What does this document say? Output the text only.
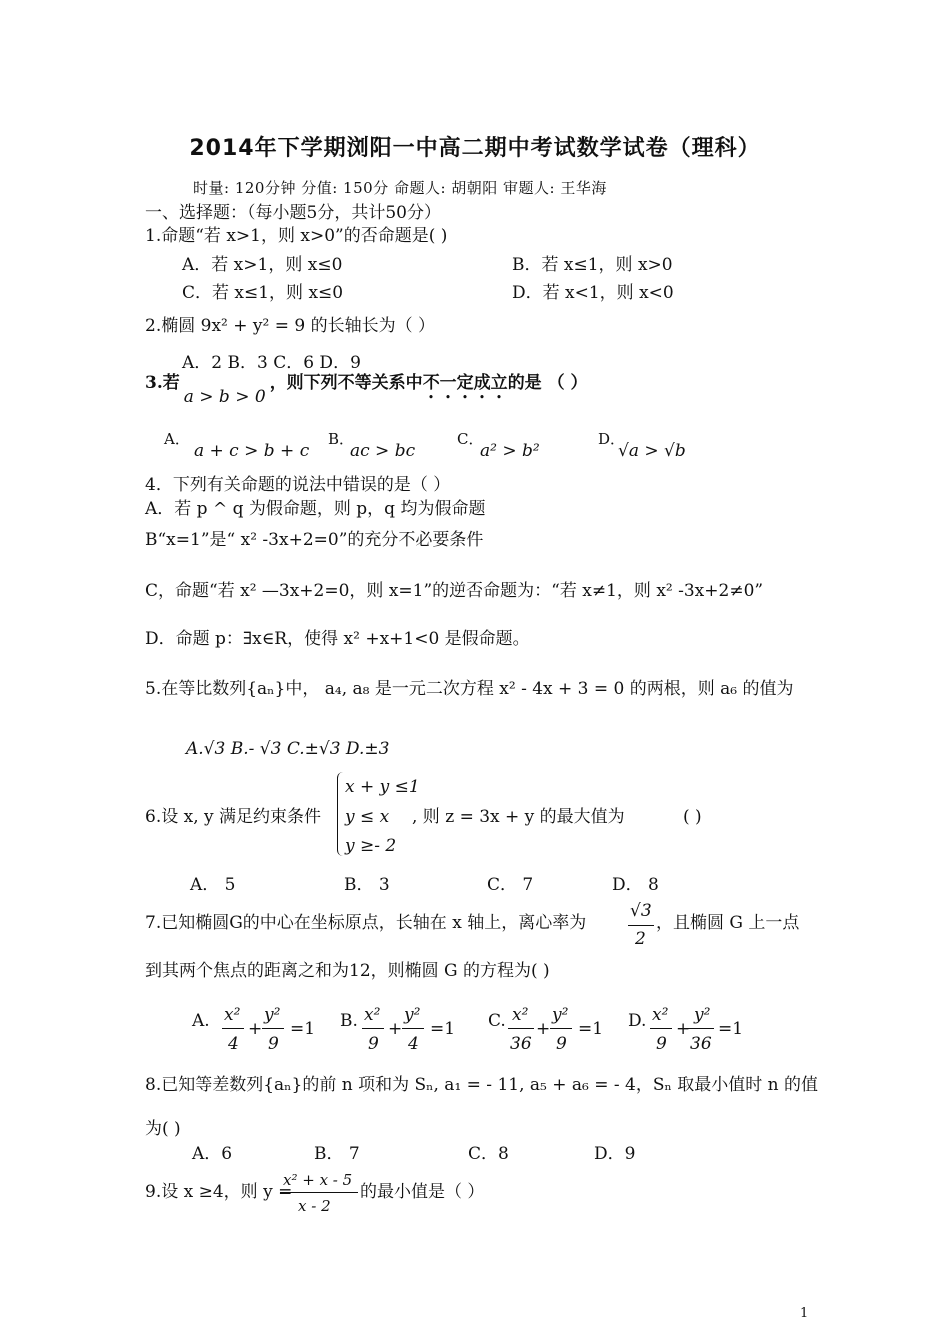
2014年下学期浏阳一中高二期中考试数学试卷（理科）
时量: 120分钟 分值: 150分 命题人: 胡朝阳 审题人: 王华海
一、选择题：（每小题5分，共计50分）
1.命题“若 x>1，则 x>0”的否命题是( )
A．若 x>1，则 x≤0	B．若 x≤1，则 x>0
C．若 x≤1，则 x≤0	D．若 x<1，则 x<0
2.椭圆 9x² + y² = 9 的长轴长为（ ）
A．2 B．3 C．6 D．9
3.若a > b > 0，则下列不等关系中不一定成立的是 （ ）
A．
a + c > b + c
B．
ac > bc
C．
a² > b²
D．
√a > √b
4．下列有关命题的说法中错误的是（ ）
A．若 p ^ q 为假命题，则 p，q 均为假命题
B“x=1”是“ x² -3x+2=0”的充分不必要条件
C，命题“若 x² —3x+2=0，则 x=1”的逆否命题为：“若 x≠1，则 x² -3x+2≠0”
D．命题 p：∃x∈R，使得 x² +x+1<0 是假命题。
5.在等比数列{aₙ}中， a₄, a₈ 是一元二次方程 x² - 4x + 3 = 0 的两根，则 a₆ 的值为
A.√3 B.- √3 C.±√3 D.±3
6.设 x, y 满足约束条件
x + y ≤1
y ≤ x
y ≥- 2
, 则 z = 3x + y 的最大值为	( )
A． 5	B． 3	C． 7	D． 8
7.已知椭圆G的中心在坐标原点，长轴在 x 轴上，离心率为
√3
2
，且椭圆 G 上一点
到其两个焦点的距离之和为12，则椭圆 G 的方程为( )
A. x²
4
+
y²
9
=1 B. x²
9
+
y²
4
=1 C. x²
36
+
y²
9
=1 D. x²
9
+
y²
36
=1
8.已知等差数列{aₙ}的前 n 项和为 Sₙ, a₁ = - 11, a₅ + a₆ = - 4，Sₙ 取最小值时 n 的值
为( )
A．6	B． 7	C．8	D．9
9.设 x ≥4，则 y =
x² + x - 5
x - 2
的最小值是（ ）
1
